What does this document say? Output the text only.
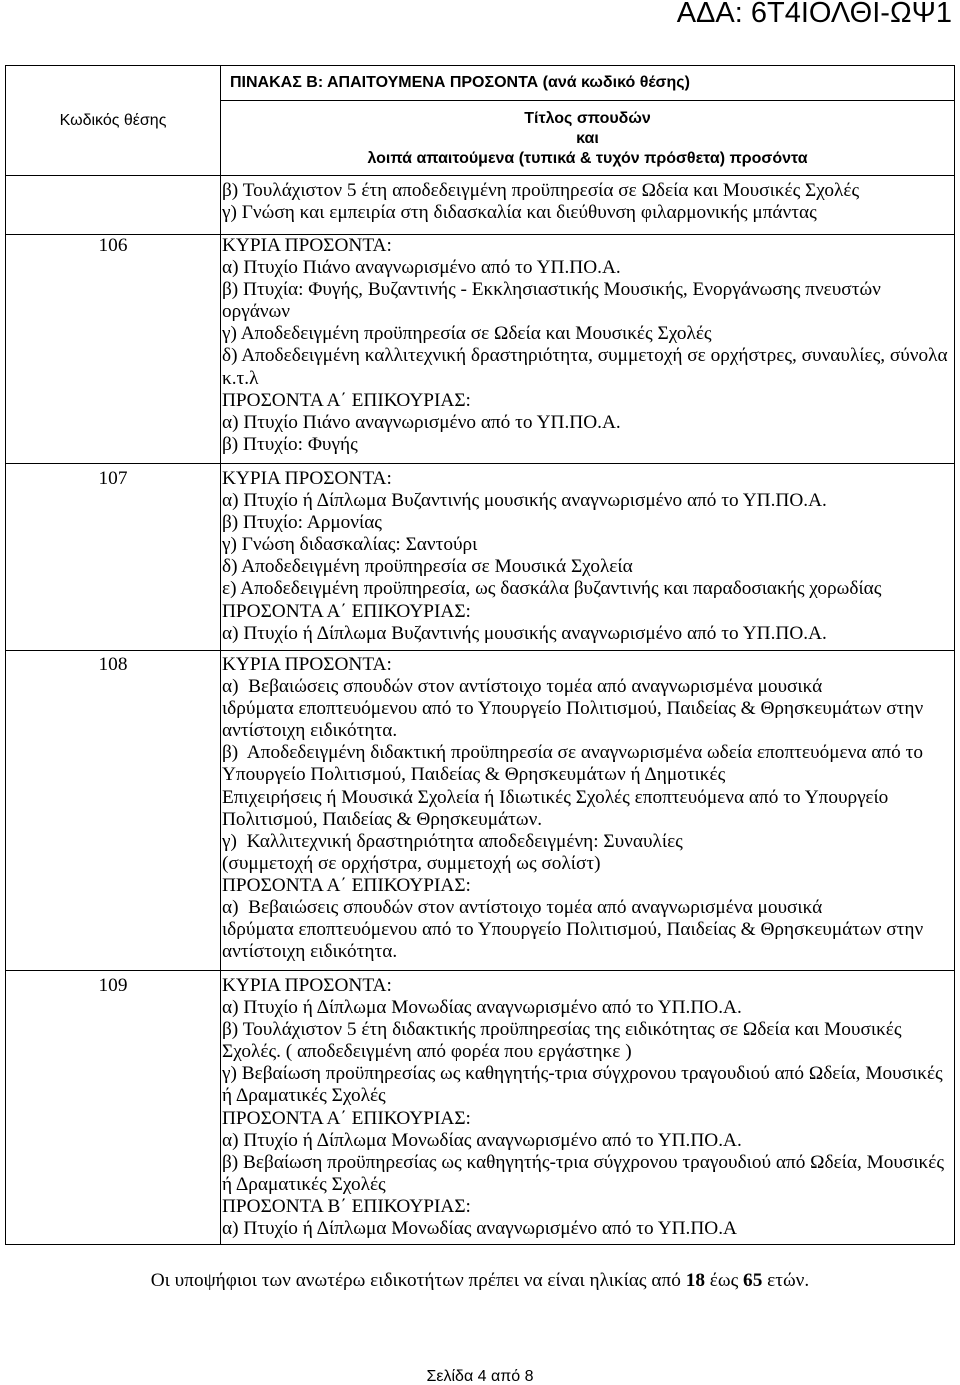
ΑΔΑ: 6Τ4ΙΟΛΘΙ-ΩΨ1
Κωδικός θέσης
ΠΙΝΑΚΑΣ Β: ΑΠΑΙΤΟΥΜΕΝΑ ΠΡΟΣΟΝΤΑ (ανά κωδικό θέσης)
Τίτλος σπουδών
και
λοιπά απαιτούμενα (τυπικά & τυχόν πρόσθετα) προσόντα
β) Τουλάχιστον 5 έτη αποδεδειγμένη προϋπηρεσία σε Ωδεία και Μουσικές Σχολές
γ) Γνώση και εμπειρία στη διδασκαλία και διεύθυνση φιλαρμονικής μπάντας
106	ΚΥΡΙΑ ΠΡΟΣΟΝΤΑ:
α) Πτυχίο Πιάνο αναγνωρισμένο από το ΥΠ.ΠΟ.Α.
β) Πτυχία: Φυγής, Βυζαντινής - Εκκλησιαστικής Μουσικής, Ενοργάνωσης πνευστών
οργάνων
γ) Αποδεδειγμένη προϋπηρεσία σε Ωδεία και Μουσικές Σχολές
δ) Αποδεδειγμένη καλλιτεχνική δραστηριότητα, συμμετοχή σε ορχήστρες, συναυλίες, σύνολα
κ.τ.λ
ΠΡΟΣΟΝΤΑ Α΄ ΕΠΙΚΟΥΡΙΑΣ:
α) Πτυχίο Πιάνο αναγνωρισμένο από το ΥΠ.ΠΟ.Α.
β) Πτυχίο: Φυγής
107	ΚΥΡΙΑ ΠΡΟΣΟΝΤΑ:
α) Πτυχίο ή Δίπλωμα Βυζαντινής μουσικής αναγνωρισμένο από το ΥΠ.ΠΟ.Α.
β) Πτυχίο: Αρμονίας
γ) Γνώση διδασκαλίας: Σαντούρι
δ) Αποδεδειγμένη προϋπηρεσία σε Μουσικά Σχολεία
ε) Αποδεδειγμένη προϋπηρεσία, ως δασκάλα βυζαντινής και παραδοσιακής χορωδίας
ΠΡΟΣΟΝΤΑ Α΄ ΕΠΙΚΟΥΡΙΑΣ:
α) Πτυχίο ή Δίπλωμα Βυζαντινής μουσικής αναγνωρισμένο από το ΥΠ.ΠΟ.Α.
108	ΚΥΡΙΑ ΠΡΟΣΟΝΤΑ:
α)  Βεβαιώσεις σπουδών στον αντίστοιχο τομέα από αναγνωρισμένα μουσικά
ιδρύματα εποπτευόμενου από το Υπουργείο Πολιτισμού, Παιδείας & Θρησκευμάτων στην
αντίστοιχη ειδικότητα.
β)  Αποδεδειγμένη διδακτική προϋπηρεσία σε αναγνωρισμένα ωδεία εποπτευόμενα από το
Υπουργείο Πολιτισμού, Παιδείας & Θρησκευμάτων ή Δημοτικές
Επιχειρήσεις ή Μουσικά Σχολεία ή Ιδιωτικές Σχολές εποπτευόμενα από το Υπουργείο
Πολιτισμού, Παιδείας & Θρησκευμάτων.
γ)  Καλλιτεχνική δραστηριότητα αποδεδειγμένη: Συναυλίες
(συμμετοχή σε ορχήστρα, συμμετοχή ως σολίστ)
ΠΡΟΣΟΝΤΑ Α΄ ΕΠΙΚΟΥΡΙΑΣ:
α)  Βεβαιώσεις σπουδών στον αντίστοιχο τομέα από αναγνωρισμένα μουσικά
ιδρύματα εποπτευόμενου από το Υπουργείο Πολιτισμού, Παιδείας & Θρησκευμάτων στην
αντίστοιχη ειδικότητα.
109	ΚΥΡΙΑ ΠΡΟΣΟΝΤΑ:
α) Πτυχίο ή Δίπλωμα Μονωδίας αναγνωρισμένο από το ΥΠ.ΠΟ.Α.
β) Τουλάχιστον 5 έτη διδακτικής προϋπηρεσίας της ειδικότητας σε Ωδεία και Μουσικές
Σχολές. ( αποδεδειγμένη από φορέα που εργάστηκε )
γ) Βεβαίωση προϋπηρεσίας ως καθηγητής-τρια σύγχρονου τραγουδιού από Ωδεία, Μουσικές
ή Δραματικές Σχολές
ΠΡΟΣΟΝΤΑ Α΄ ΕΠΙΚΟΥΡΙΑΣ:
α) Πτυχίο ή Δίπλωμα Μονωδίας αναγνωρισμένο από το ΥΠ.ΠΟ.Α.
β) Βεβαίωση προϋπηρεσίας ως καθηγητής-τρια σύγχρονου τραγουδιού από Ωδεία, Μουσικές
ή Δραματικές Σχολές
ΠΡΟΣΟΝΤΑ Β΄ ΕΠΙΚΟΥΡΙΑΣ:
α) Πτυχίο ή Δίπλωμα Μονωδίας αναγνωρισμένο από το ΥΠ.ΠΟ.Α
Οι υποψήφιοι των ανωτέρω ειδικοτήτων πρέπει να είναι ηλικίας από 18 έως 65 ετών.
Σελίδα 4 από 8
